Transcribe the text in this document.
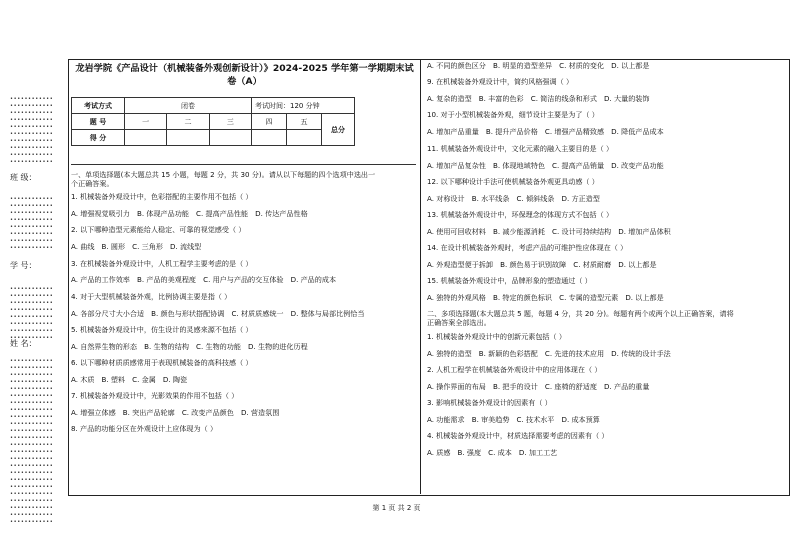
••••••••••••
••••••••••••
••••••••••••
••••••••••••
••••••••••••
••••••••••••
••••••••••••
••••••••••••
••••••••••••
••••••••••••
班 级：
••••••••••••
••••••••••••
••••••••••••
••••••••••••
••••••••••••
••••••••••••
••••••••••••
••••••••••••
学 号：
••••••••••••
••••••••••••
••••••••••••
••••••••••••
••••••••••••
••••••••••••
••••••••••••
••••••••••••
姓 名：
••••••••••••
••••••••••••
••••••••••••
••••••••••••
••••••••••••
••••••••••••
••••••••••••
••••••••••••
••••••••••••
••••••••••••
••••••••••••
••••••••••••
••••••••••••
••••••••••••
••••••••••••
••••••••••••
••••••••••••
••••••••••••
••••••••••••
••••••••••••
••••••••••••
••••••••••••
••••••••••••
••••••••••••
龙岩学院《产品设计（机械装备外观创新设计）》2024-2025 学年第一学期期末试卷（A）
考试方式	闭卷			考试时间：120 分钟		
题 号	一	二	三	四	五	总分
得 分						

一、单项选择题(本大题总共 15 小题，每题 2 分，共 30 分)。请从以下每题的四个选项中选出一个正确答案。

1. 机械装备外观设计中，色彩搭配的主要作用不包括（ ）

A. 增强视觉吸引力　B. 体现产品功能　C. 提高产品性能　D. 传达产品性格

2. 以下哪种造型元素能给人稳定、可靠的视觉感受（ ）

A. 曲线　B. 圆形　C. 三角形　D. 流线型

3. 在机械装备外观设计中，人机工程学主要考虑的是（ ）

A. 产品的工作效率　B. 产品的美观程度　C. 用户与产品的交互体验　D. 产品的成本

4. 对于大型机械装备外观，比例协调主要是指（ ）

A. 各部分尺寸大小合适　B. 颜色与形状搭配协调　C. 材质质感统一　D. 整体与局部比例恰当

5. 机械装备外观设计中，仿生设计的灵感来源不包括（ ）

A. 自然界生物的形态　B. 生物的结构　C. 生物的功能　D. 生物的进化历程

6. 以下哪种材质质感常用于表现机械装备的高科技感（ ）

A. 木质　B. 塑料　C. 金属　D. 陶瓷

7. 机械装备外观设计中，光影效果的作用不包括（ ）

A. 增强立体感　B. 突出产品轮廓　C. 改变产品颜色　D. 营造氛围

8. 产品的功能分区在外观设计上应体现为（ ）

A. 不同的颜色区分　B. 明显的造型差异　C. 材质的变化　D. 以上都是

9. 在机械装备外观设计中，简约风格强调（ ）

A. 复杂的造型　B. 丰富的色彩　C. 简洁的线条和形式　D. 大量的装饰

10. 对于小型机械装备外观，细节设计主要是为了（ ）

A. 增加产品重量　B. 提升产品价格　C. 增强产品精致感　D. 降低产品成本

11. 机械装备外观设计中，文化元素的融入主要目的是（ ）

A. 增加产品复杂性　B. 体现地域特色　C. 提高产品销量　D. 改变产品功能

12. 以下哪种设计手法可使机械装备外观更具动感（ ）

A. 对称设计　B. 水平线条　C. 倾斜线条　D. 方正造型

13. 机械装备外观设计中，环保理念的体现方式不包括（ ）

A. 使用可回收材料　B. 减少能源消耗　C. 设计可持续结构　D. 增加产品体积

14. 在设计机械装备外观时，考虑产品的可维护性应体现在（ ）

A. 外观造型便于拆卸　B. 颜色易于识别故障　C. 材质耐磨　D. 以上都是

15. 机械装备外观设计中，品牌形象的塑造通过（ ）

A. 独特的外观风格　B. 特定的颜色标识　C. 专属的造型元素　D. 以上都是

二、多项选择题(本大题总共 5 题，每题 4 分，共 20 分)。每题有两个或两个以上正确答案，请将正确答案全部选出。

1. 机械装备外观设计中的创新元素包括（ ）

A. 独特的造型　B. 新颖的色彩搭配　C. 先进的技术应用　D. 传统的设计手法

2. 人机工程学在机械装备外观设计中的应用体现在（ ）

A. 操作界面的布局　B. 把手的设计　C. 座椅的舒适度　D. 产品的重量

3. 影响机械装备外观设计的因素有（ ）

A. 功能需求　B. 审美趋势　C. 技术水平　D. 成本预算

4. 机械装备外观设计中，材质选择需要考虑的因素有（ ）

A. 质感　B. 强度　C. 成本　D. 加工工艺

第 1 页 共 2 页
